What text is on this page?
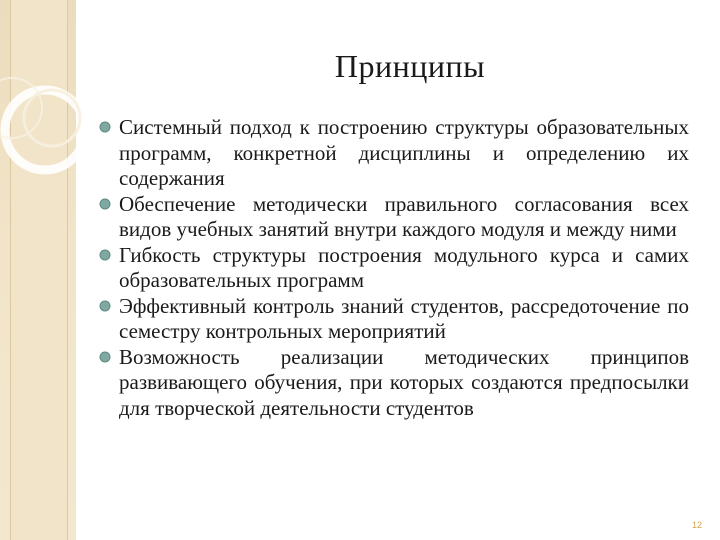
Принципы
Системный подход к построению структуры образовательных программ, конкретной дисциплины и определению их содержания
Обеспечение методически правильного согласования всех видов учебных занятий внутри каждого модуля и между ними
Гибкость структуры построения модульного курса и самих образовательных программ
Эффективный контроль знаний студентов, рассредоточение по семестру контрольных мероприятий
Возможность реализации методических принципов развивающего обучения, при которых создаются предпосылки для творческой деятельности студентов
12
